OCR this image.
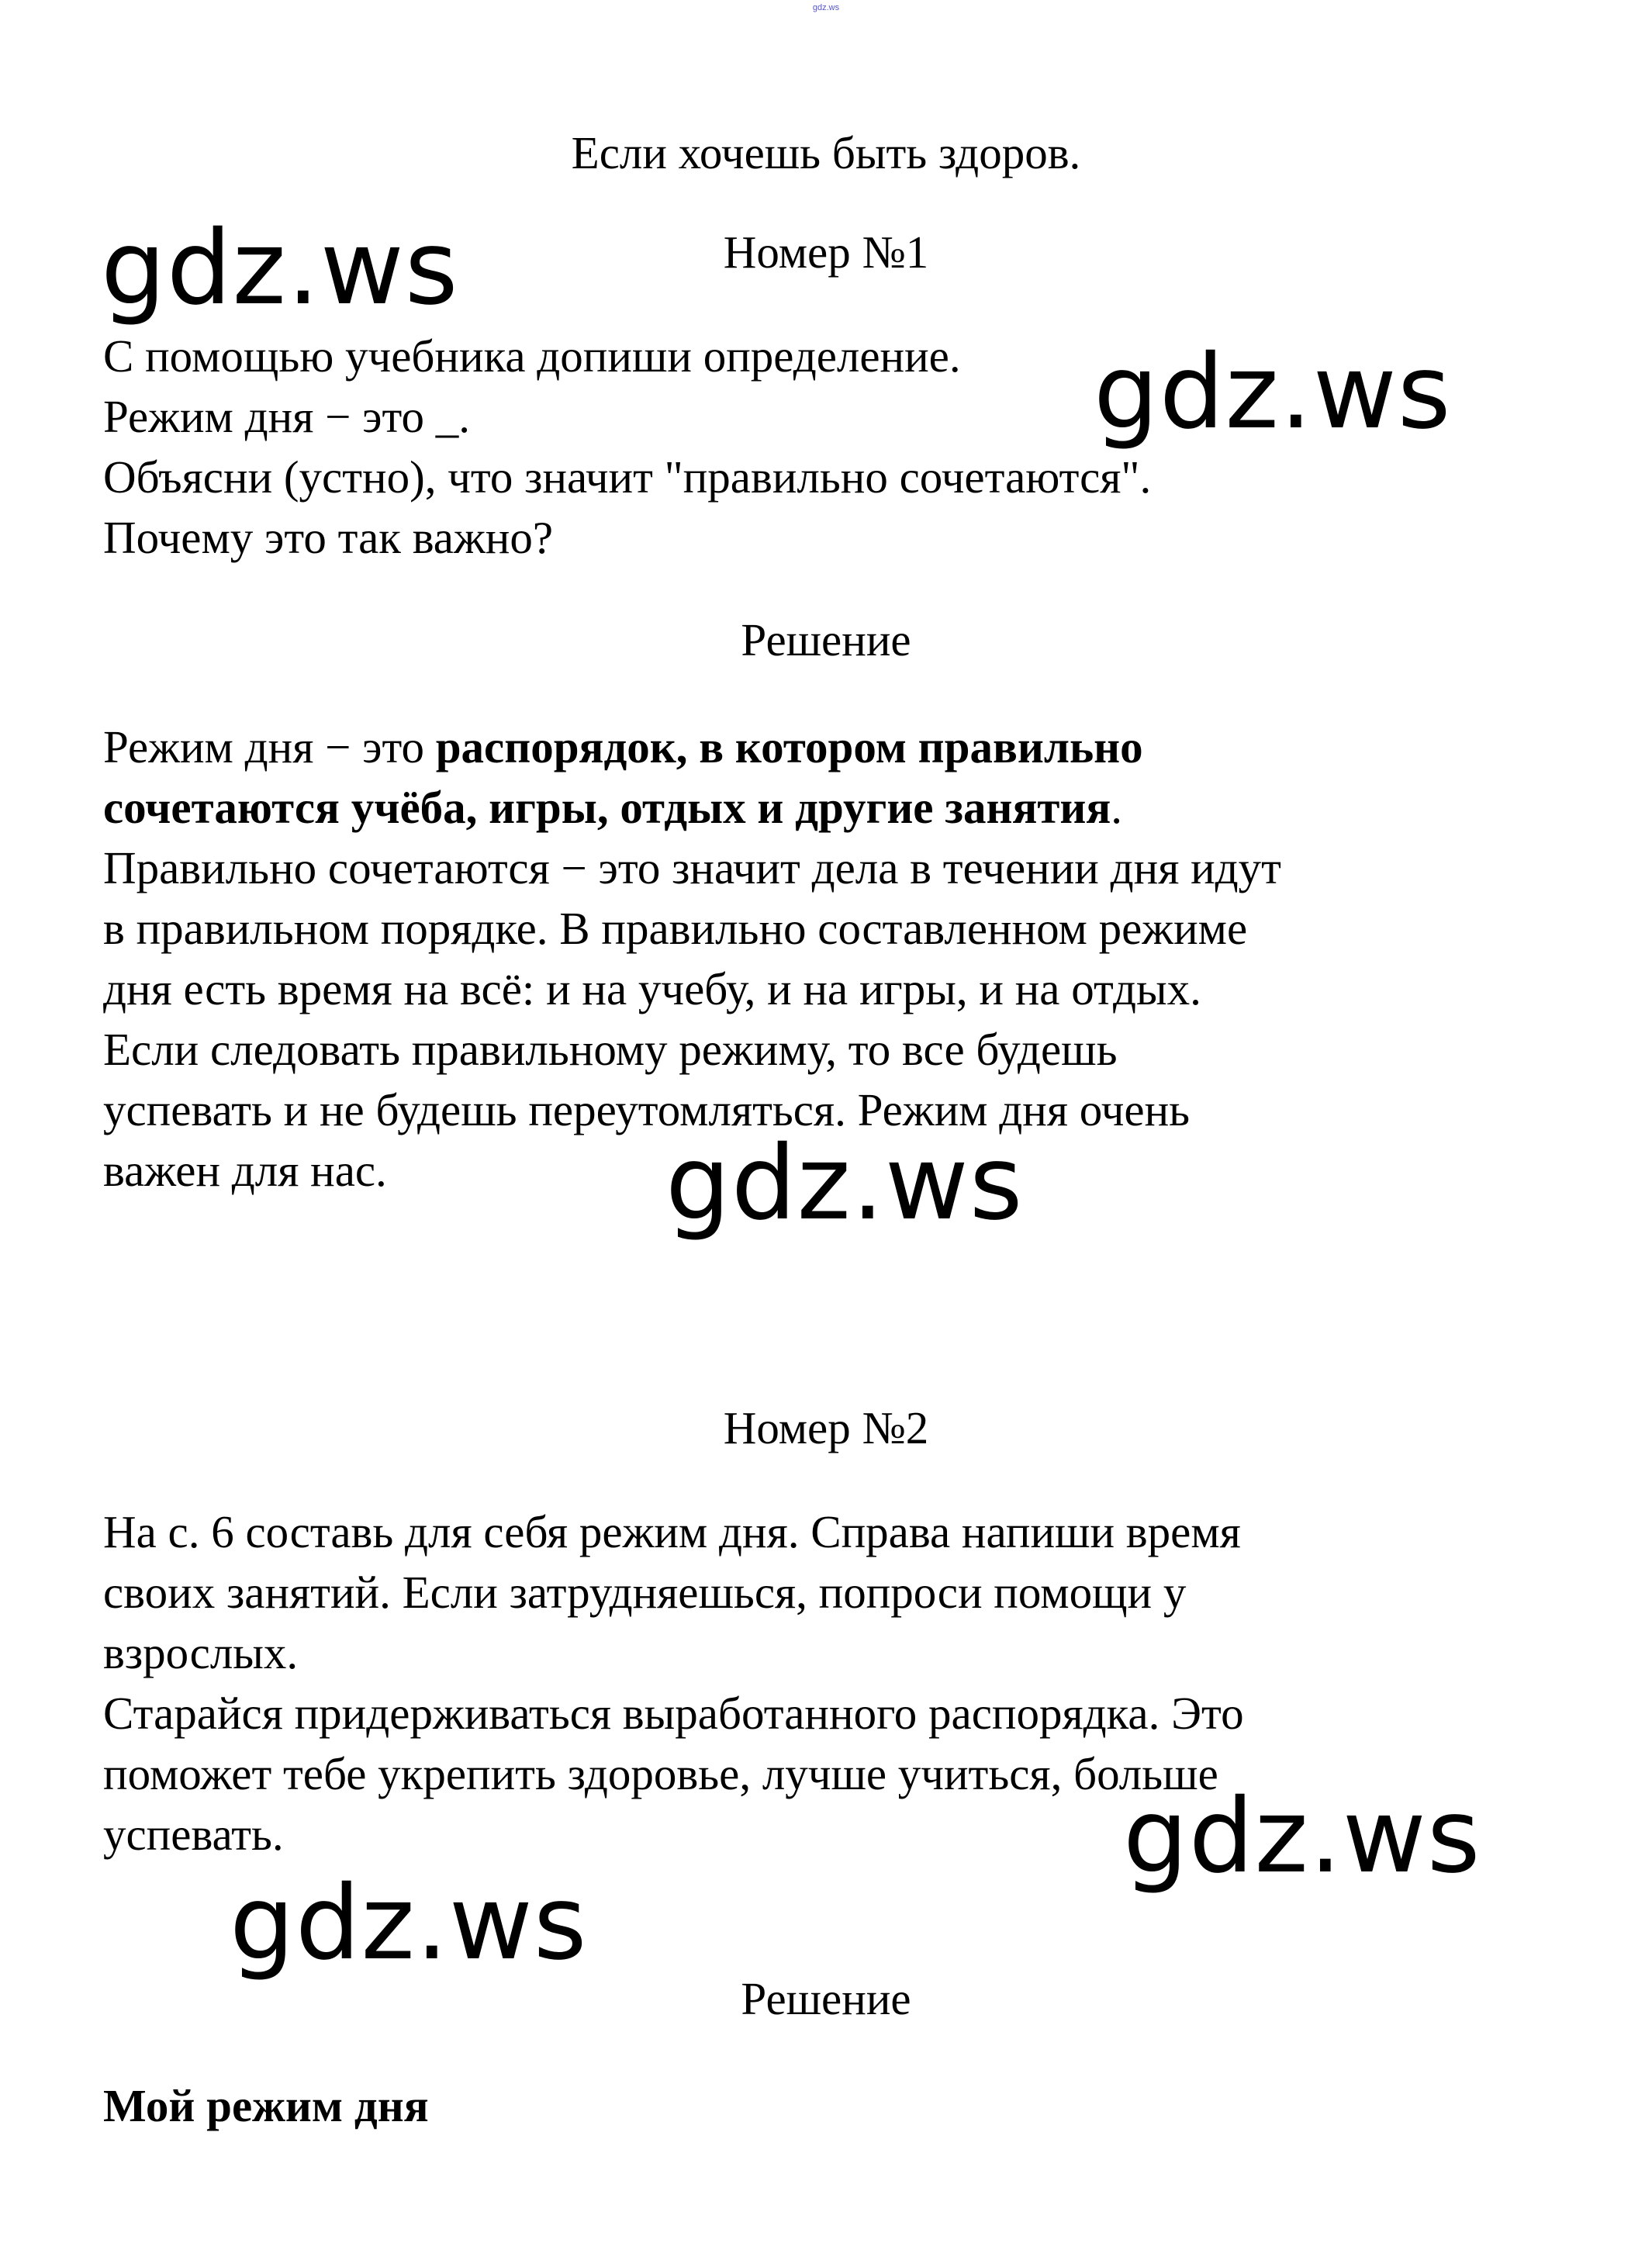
gdz.ws
Если хочешь быть здоров.
Номер №1

С помощью учебника допиши определение.

Режим дня − это _.

Объясни (устно), что значит "правильно сочетаются".

Почему это так важно?

Решение

Режим дня − это распорядок, в котором правильно

сочетаются учёба, игры, отдых и другие занятия.

Правильно сочетаются − это значит дела в течении дня идут

в правильном порядке. В правильно составленном режиме

дня есть время на всё: и на учебу, и на игры, и на отдых.

Если следовать правильному режиму, то все будешь

успевать и не будешь переутомляться. Режим дня очень

важен для нас.

Номер №2

На с. 6 составь для себя режим дня. Справа напиши время

своих занятий. Если затрудняешься, попроси помощи у

взрослых.

Старайся придерживаться выработанного распорядка. Это

поможет тебе укрепить здоровье, лучше учиться, больше

успевать.

Решение

Мой режим дня

gdz.ws
gdz.ws
gdz.ws
gdz.ws
gdz.ws
